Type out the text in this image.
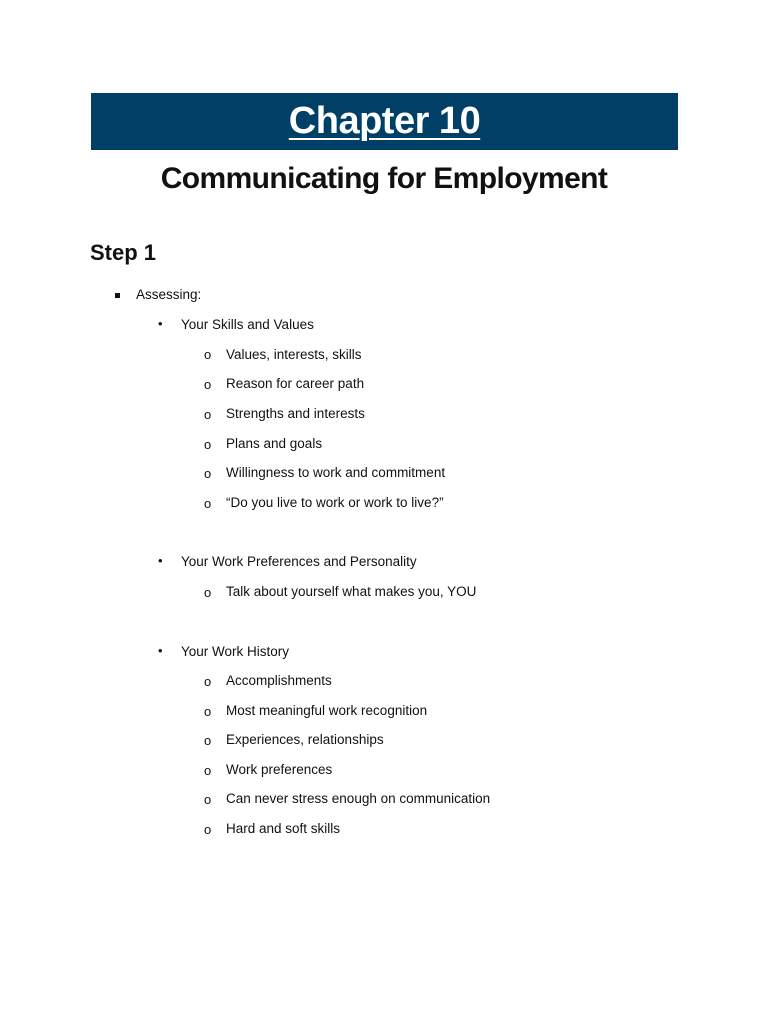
Chapter 10
Communicating for Employment
Step 1
Assessing:
• Your Skills and Values
o Values, interests, skills
o Reason for career path
o Strengths and interests
o Plans and goals
o Willingness to work and commitment
o “Do you live to work or work to live?”
• Your Work Preferences and Personality
o Talk about yourself what makes you, YOU
• Your Work History
o Accomplishments
o Most meaningful work recognition
o Experiences, relationships
o Work preferences
o Can never stress enough on communication
o Hard and soft skills
